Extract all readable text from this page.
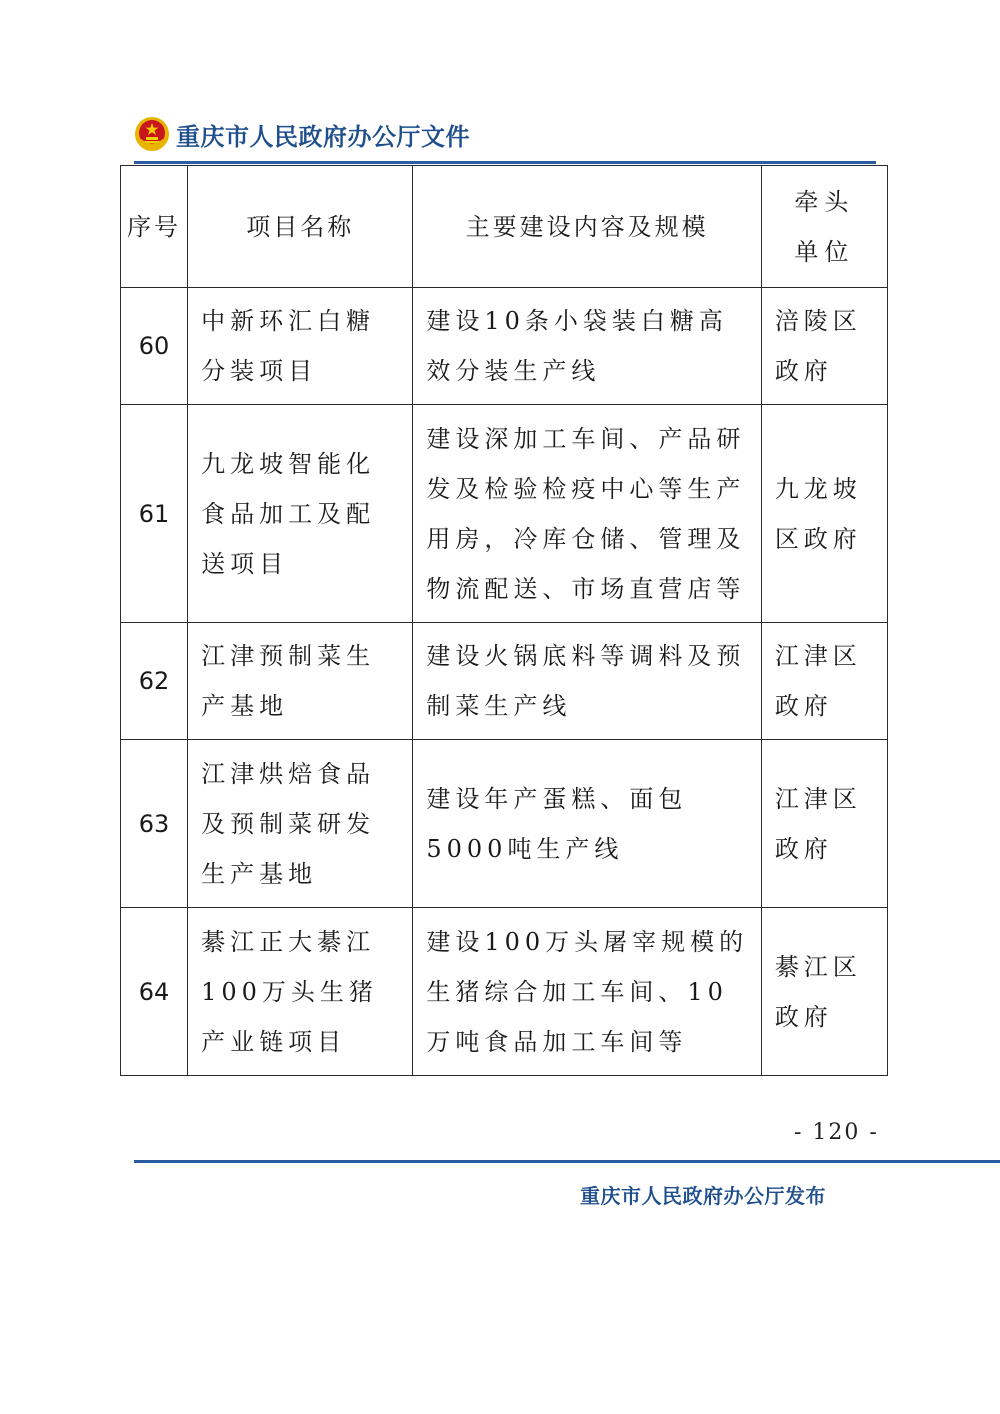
重庆市人民政府办公厅文件
序号	项目名称	主要建设内容及规模	牵头单位
60	中新环汇白糖分装项目	建设10条小袋装白糖高效分装生产线	涪陵区政府
61	九龙坡智能化食品加工及配送项目	建设深加工车间、产品研发及检验检疫中心等生产用房，冷库仓储、管理及物流配送、市场直营店等	九龙坡区政府
62	江津预制菜生产基地	建设火锅底料等调料及预制菜生产线	江津区政府
63	江津烘焙食品及预制菜研发生产基地	建设年产蛋糕、面包5000吨生产线	江津区政府
64	綦江正大綦江100万头生猪产业链项目	建设100万头屠宰规模的生猪综合加工车间、10万吨食品加工车间等	綦江区政府
- 120 -
重庆市人民政府办公厅发布
